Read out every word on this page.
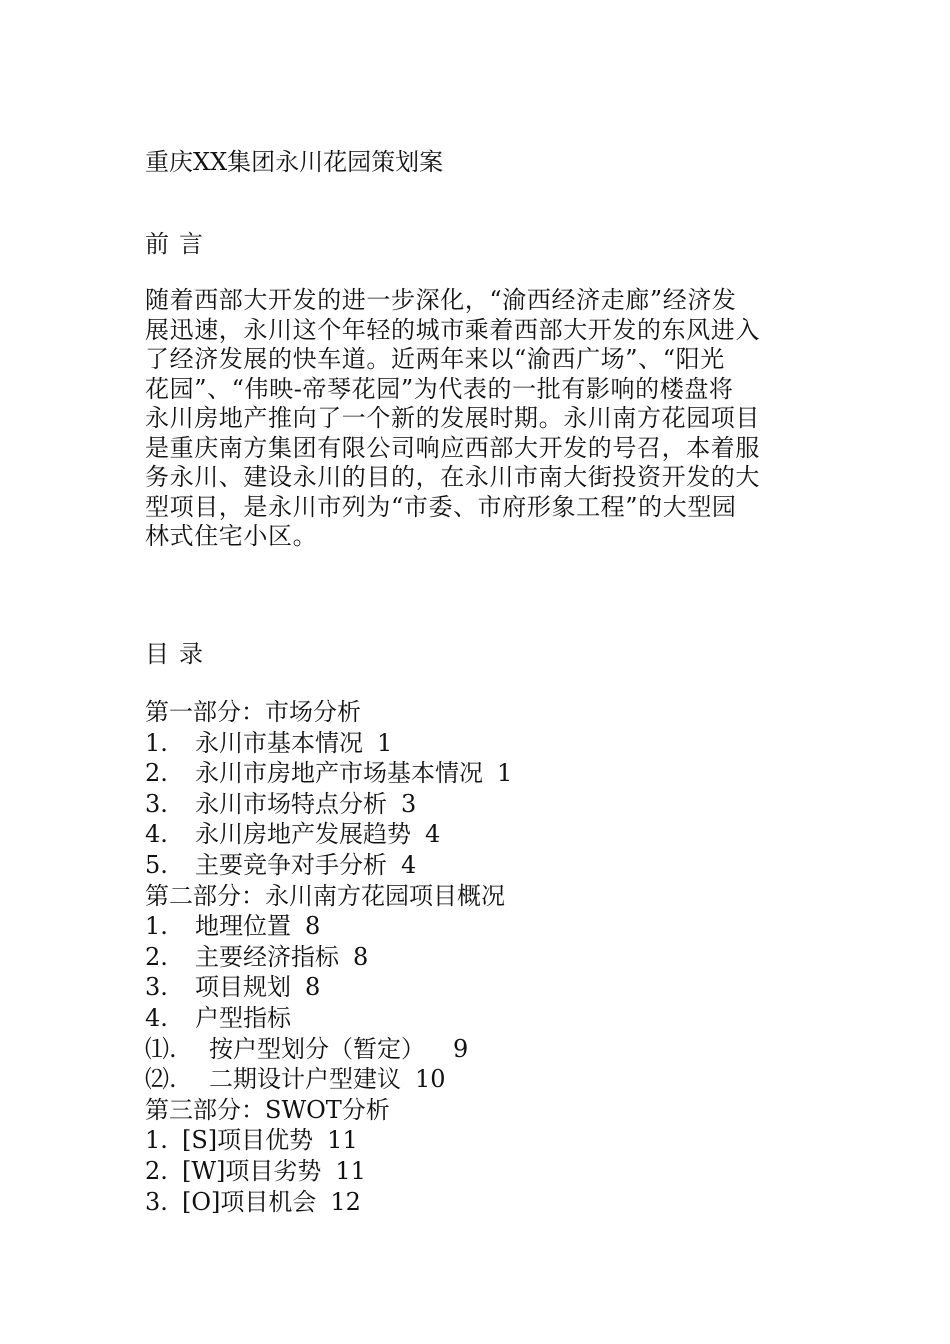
重庆XX集团永川花园策划案
前言
随着西部大开发的进一步深化，“渝西经济走廊”经济发
展迅速，永川这个年轻的城市乘着西部大开发的东风进入
了经济发展的快车道。近两年来以“渝西广场”、“阳光
花园”、“伟映-帝琴花园”为代表的一批有影响的楼盘将
永川房地产推向了一个新的发展时期。永川南方花园项目
是重庆南方集团有限公司响应西部大开发的号召，本着服
务永川、建设永川的目的，在永川市南大街投资开发的大
型项目，是永川市列为“市委、市府形象工程”的大型园
林式住宅小区。
目录
第一部分：市场分析
1.	永川市基本情况 1
2.	永川市房地产市场基本情况 1
3.	永川市场特点分析 3
4.	永川房地产发展趋势 4
5.	主要竞争对手分析 4
第二部分：永川南方花园项目概况
1.	地理位置 8
2.	主要经济指标 8
3.	项目规划 8
4.	户型指标
⑴.	按户型划分（暂定） 9
⑵.	二期设计户型建议 10
第三部分：SWOT分析
1. [S]项目优势 11
2. [W]项目劣势 11
3. [O]项目机会 12
